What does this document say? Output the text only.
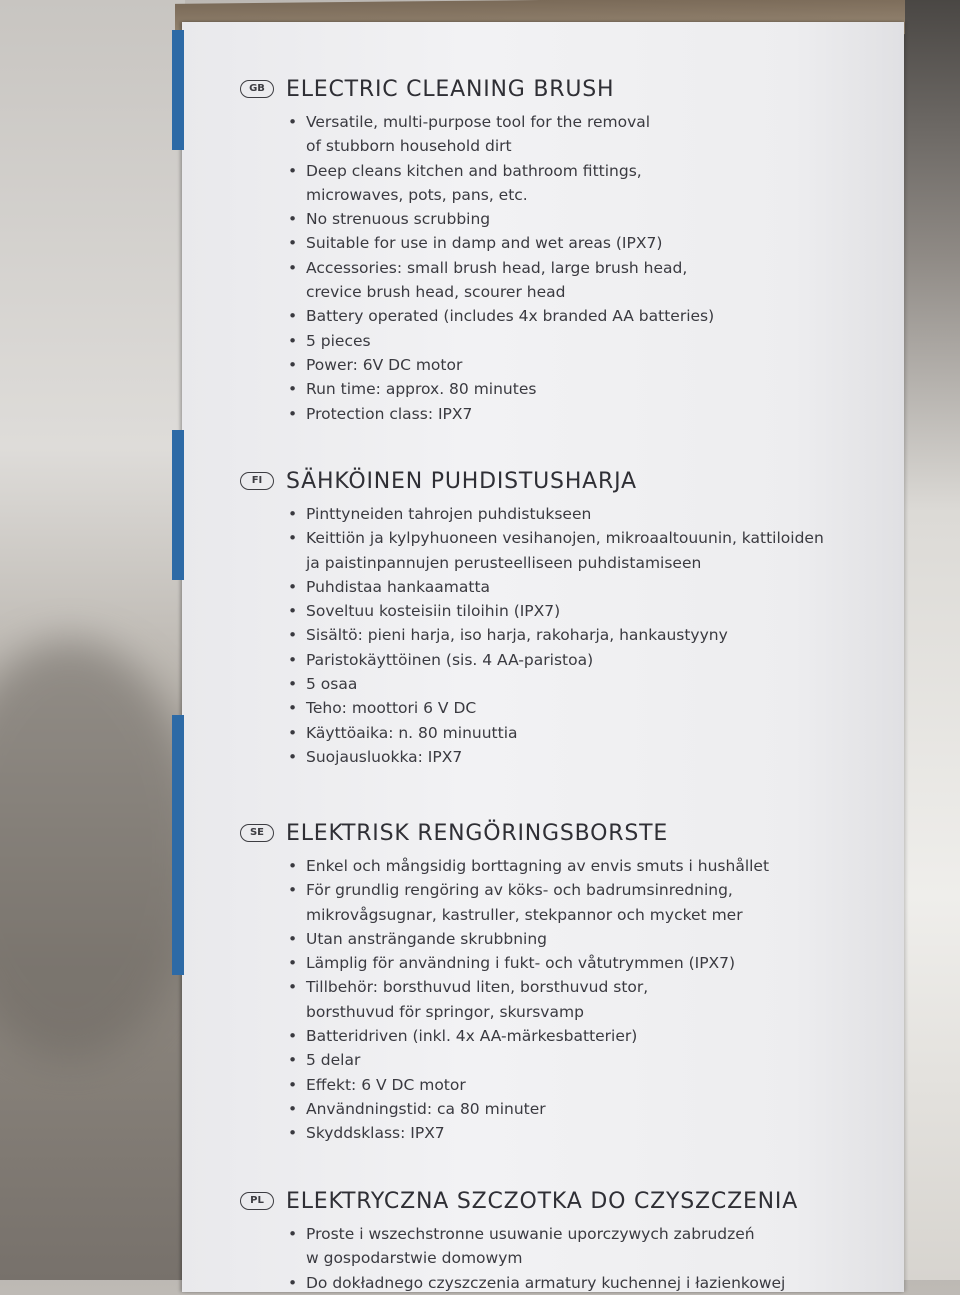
GB ELECTRIC CLEANING BRUSH
• Versatile, multi-purpose tool for the removal
of stubborn household dirt
• Deep cleans kitchen and bathroom fittings,
microwaves, pots, pans, etc.
• No strenuous scrubbing
• Suitable for use in damp and wet areas (IPX7)
• Accessories: small brush head, large brush head,
crevice brush head, scourer head
• Battery operated (includes 4x branded AA batteries)
• 5 pieces
• Power: 6V DC motor
• Run time: approx. 80 minutes
• Protection class: IPX7
FI	SÄHKÖINEN PUHDISTUSHARJA
• Pinttyneiden tahrojen puhdistukseen
• Keittiön ja kylpyhuoneen vesihanojen, mikroaaltouunin, kattiloiden
ja paistinpannujen perusteelliseen puhdistamiseen
• Puhdistaa hankaamatta
• Soveltuu kosteisiin tiloihin (IPX7)
• Sisältö: pieni harja, iso harja, rakoharja, hankaustyyny
• Paristokäyttöinen (sis. 4 AA-paristoa)
• 5 osaa
• Teho: moottori 6 V DC
• Käyttöaika: n. 80 minuuttia
• Suojausluokka: IPX7
SE ELEKTRISK RENGÖRINGSBORSTE
• Enkel och mångsidig borttagning av envis smuts i hushållet
• För grundlig rengöring av köks- och badrumsinredning,
mikrovågsugnar, kastruller, stekpannor och mycket mer
• Utan ansträngande skrubbning
• Lämplig för användning i fukt- och våtutrymmen (IPX7)
• Tillbehör: borsthuvud liten, borsthuvud stor,
borsthuvud för springor, skursvamp
• Batteridriven (inkl. 4x AA-märkesbatterier)
• 5 delar
• Effekt: 6 V DC motor
• Användningstid: ca 80 minuter
• Skyddsklass: IPX7
PL	ELEKTRYCZNA SZCZOTKA DO CZYSZCZENIA
• Proste i wszechstronne usuwanie uporczywych zabrudzeń
w gospodarstwie domowym
• Do dokładnego czyszczenia armatury kuchennej i łazienkowej
